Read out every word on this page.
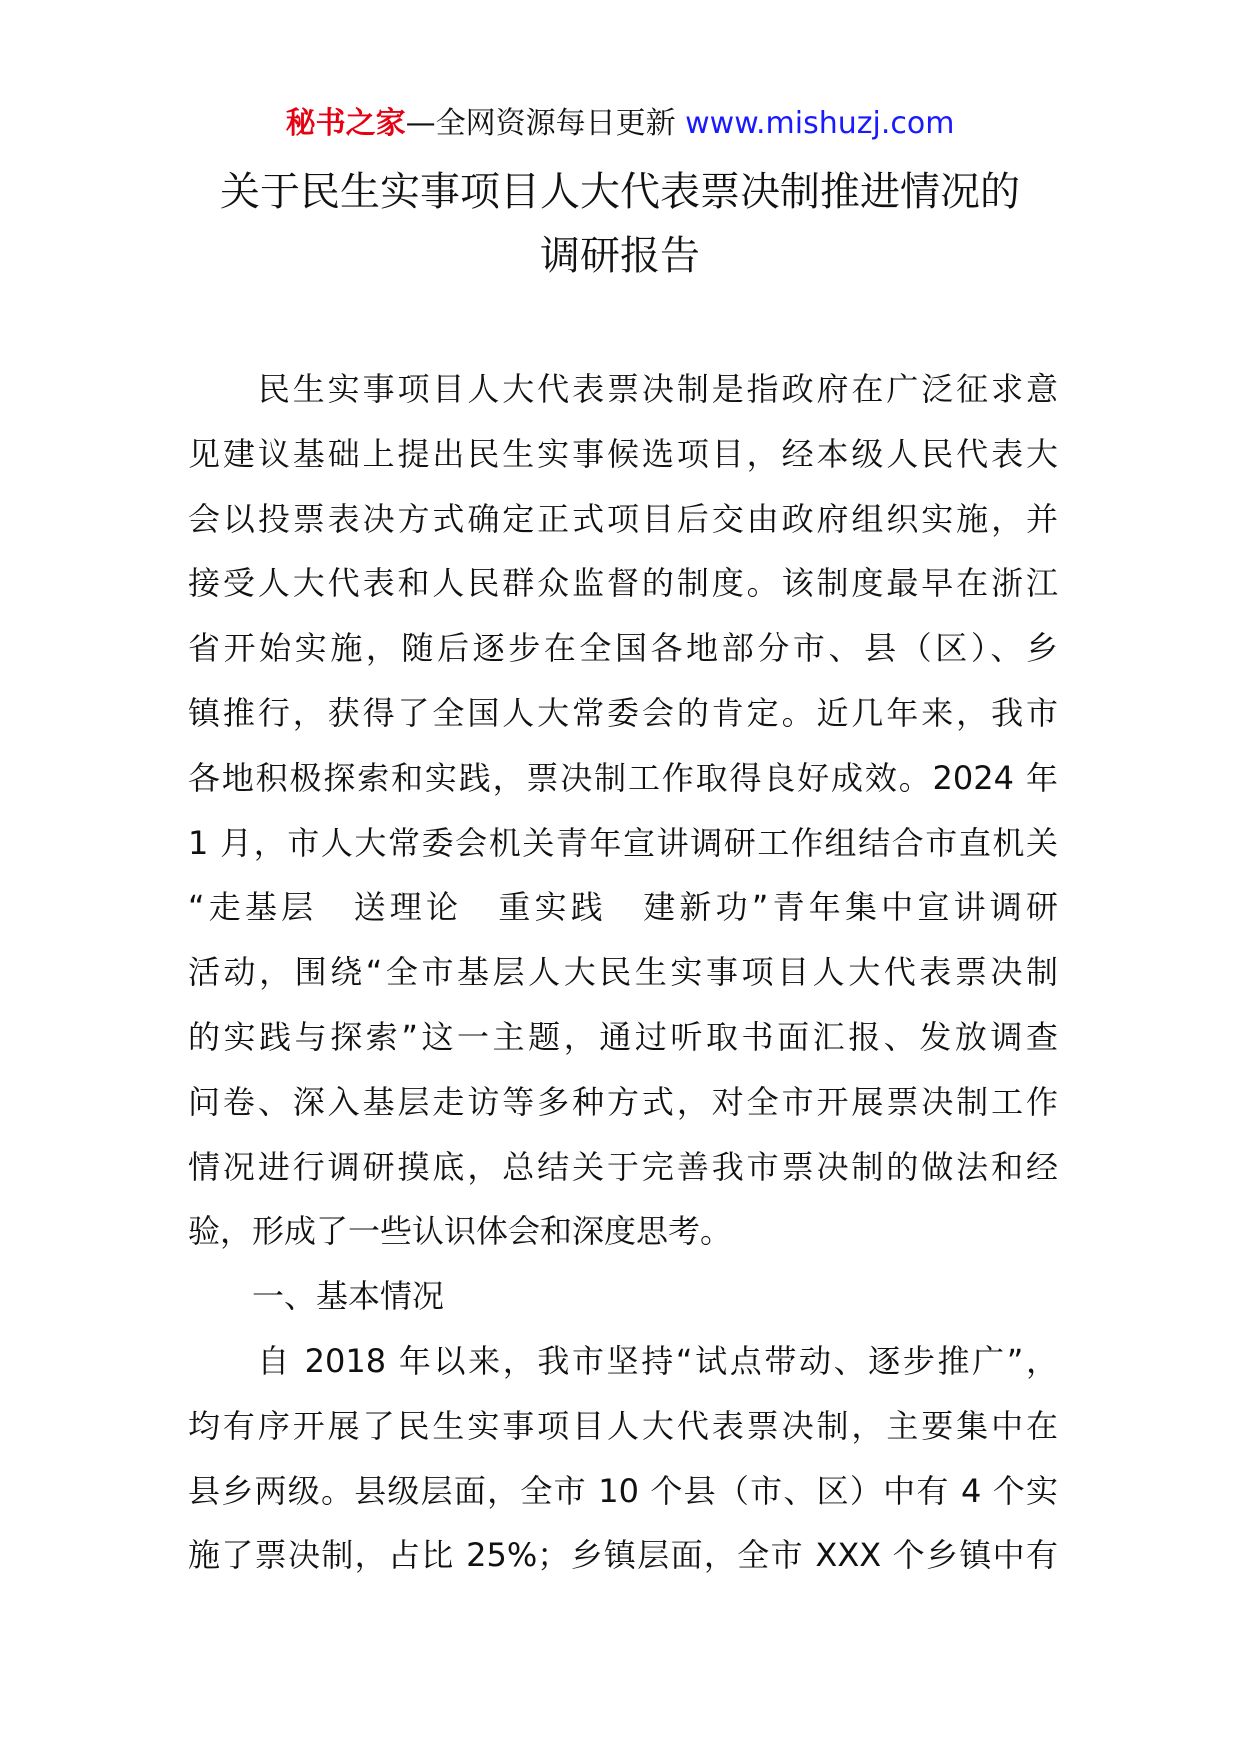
秘书之家—全网资源每日更新 www.mishuzj.com
关于民生实事项目人大代表票决制推进情况的
调研报告
　　民生实事项目人大代表票决制是指政府在广泛征求意
见建议基础上提出民生实事候选项目，经本级人民代表大
会以投票表决方式确定正式项目后交由政府组织实施，并
接受人大代表和人民群众监督的制度。该制度最早在浙江
省开始实施，随后逐步在全国各地部分市、县（区）、乡
镇推行，获得了全国人大常委会的肯定。近几年来，我市
各地积极探索和实践，票决制工作取得良好成效。2024 年
1 月，市人大常委会机关青年宣讲调研工作组结合市直机关
“走基层　送理论　重实践　建新功”青年集中宣讲调研
活动，围绕“全市基层人大民生实事项目人大代表票决制
的实践与探索”这一主题，通过听取书面汇报、发放调查
问卷、深入基层走访等多种方式，对全市开展票决制工作
情况进行调研摸底，总结关于完善我市票决制的做法和经
验，形成了一些认识体会和深度思考。
　　一、基本情况
　　自 2018 年以来，我市坚持“试点带动、逐步推广”，
均有序开展了民生实事项目人大代表票决制，主要集中在
县乡两级。县级层面，全市 10 个县（市、区）中有 4 个实
施了票决制，占比 25%；乡镇层面，全市 XXX 个乡镇中有
